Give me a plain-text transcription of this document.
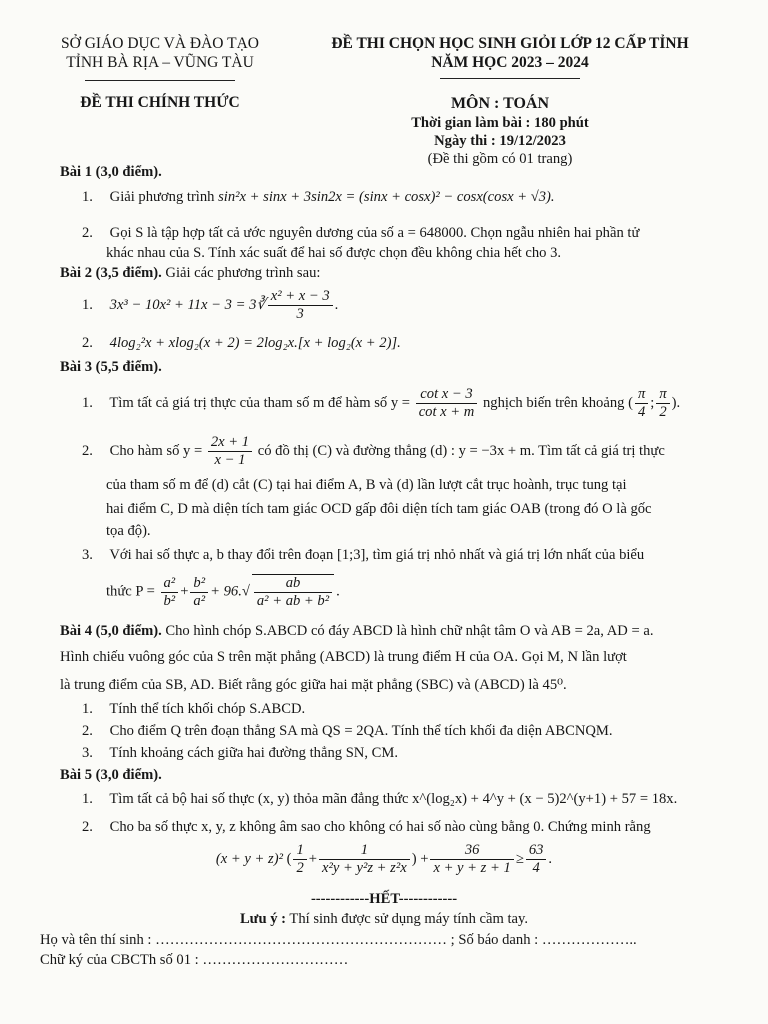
SỞ GIÁO DỤC VÀ ĐÀO TẠO
TỈNH BÀ RỊA – VŨNG TÀU
ĐỀ THI CHÍNH THỨC
ĐỀ THI CHỌN HỌC SINH GIỎI LỚP 12 CẤP TỈNH
NĂM HỌC 2023 – 2024
MÔN : TOÁN
Thời gian làm bài : 180 phút
Ngày thi : 19/12/2023
(Đề thi gồm có 01 trang)
Bài 1 (3,0 điểm).
1. Giải phương trình sin²x + sinx + 3sin2x = (sinx + cosx)² − cosx(cosx + √3).
2. Gọi S là tập hợp tất cả ước nguyên dương của số a = 648000. Chọn ngẫu nhiên hai phần tử
khác nhau của S. Tính xác suất để hai số được chọn đều không chia hết cho 3.
Bài 2 (3,5 điểm). Giải các phương trình sau:
1. 3x³ − 10x² + 11x − 3 = 3∛ $\frac{\text{x² + x − 3}}{3}$ .
2. 4log₂²x + xlog₂(x + 2) = 2log₂x.[x + log₂(x + 2)].
Bài 3 (5,5 điểm).
1. Tìm tất cả giá trị thực của tham số m để hàm số $y = \frac{\text{cot x − 3}}{\text{cot x + m}}$ nghịch biến trên khoảng ( $\frac{\pi}{4}$ ; $\frac{\pi}{2}$ ).
2. Cho hàm số $y = \frac{2x + 1}{x - 1}$ có đồ thị (C) và đường thẳng (d) : y = −3x + m. Tìm tất cả giá trị thực
của tham số m để (d) cắt (C) tại hai điểm A, B và (d) lần lượt cắt trục hoành, trục tung tại
hai điểm C, D mà diện tích tam giác OCD gấp đôi diện tích tam giác OAB (trong đó O là gốc
tọa độ).
3. Với hai số thực a, b thay đổi trên đoạn [1;3], tìm giá trị nhỏ nhất và giá trị lớn nhất của biểu
thức $P = \frac{\text{a²}}{\text{b²}} + \frac{\text{b²}}{\text{a²}} + 96.√ \frac{ab}{\text{a² + ab + b²}}$ .
Bài 4 (5,0 điểm). Cho hình chóp S.ABCD có đáy ABCD là hình chữ nhật tâm O và AB = 2a, AD = a.
Hình chiếu vuông góc của S trên mặt phẳng (ABCD) là trung điểm H của OA. Gọi M, N lần lượt
là trung điểm của SB, AD. Biết rằng góc giữa hai mặt phẳng (SBC) và (ABCD) là 45⁰.
1. Tính thể tích khối chóp S.ABCD.
2. Cho điểm Q trên đoạn thẳng SA mà QS = 2QA. Tính thể tích khối đa diện ABCNQM.
3. Tính khoảng cách giữa hai đường thẳng SN, CM.
Bài 5 (3,0 điểm).
1. Tìm tất cả bộ hai số thực (x, y) thỏa mãn đẳng thức x^(log₂x) + 4^y + (x − 5)2^(y+1) + 57 = 18x.
2. Cho ba số thực x, y, z không âm sao cho không có hai số nào cùng bằng 0. Chứng minh rằng
(x + y + z)² ( $\frac{1}{2} + \frac{1}{\text{x²y + y²z + z²x}}$ ) + $\frac{36}{x + y + z + 1} \ge \frac{63}{4}$ .
------------HẾT------------
Lưu ý : Thí sinh được sử dụng máy tính cầm tay.
Họ và tên thí sinh : …………………………………………………… ; Số báo danh : ………………..
Chữ ký của CBCTh số 01 : …………………………
